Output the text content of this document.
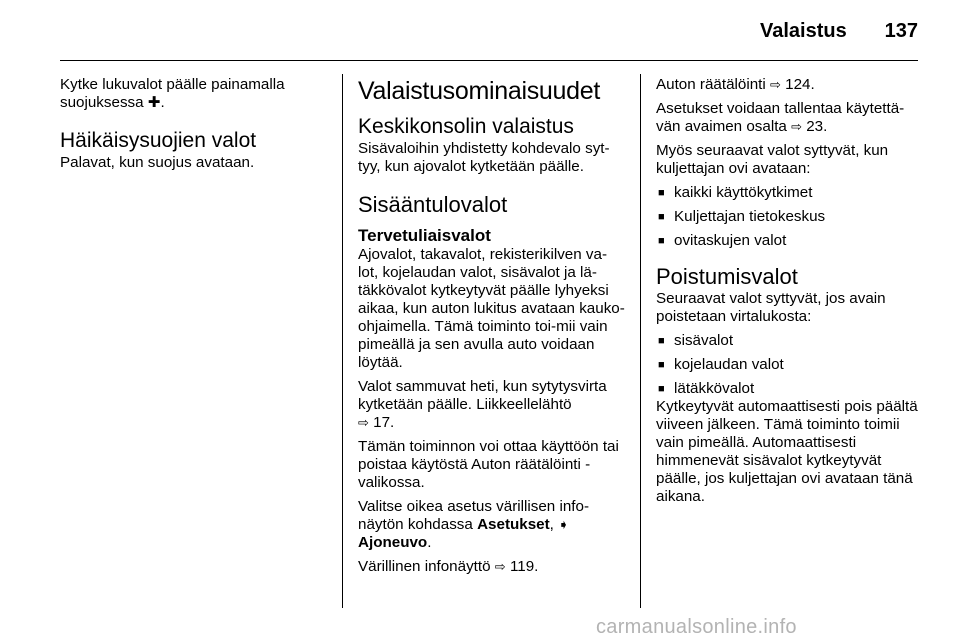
Valaistus	137

Kytke lukuvalot päälle painamalla suojuksessa ✚.

Häikäisysuojien valot

Palavat, kun suojus avataan.

Valaistusominaisuudet
Keskikonsolin valaistus

Sisävaloihin yhdistetty kohdevalo syt-tyy, kun ajovalot kytketään päälle.

Sisääntulovalot
Tervetuliaisvalot

Ajovalot, takavalot, rekisterikilven va-lot, kojelaudan valot, sisävalot ja lä-täkkövalot kytkeytyvät päälle lyhyeksi aikaa, kun auton lukitus avataan kauko-ohjaimella. Tämä toiminto toi-mii vain pimeällä ja sen avulla auto voidaan löytää.

Valot sammuvat heti, kun sytytysvirta kytketään päälle. Liikkeellelähtö
⇨ 17.

Tämän toiminnon voi ottaa käyttöön tai poistaa käytöstä Auton räätälöinti -valikossa.

Valitse oikea asetus värillisen info-näytön kohdassa Asetukset, ➧
Ajoneuvo.

Värillinen infonäyttö ⇨ 119.

Auton räätälöinti ⇨ 124.

Asetukset voidaan tallentaa käytettä-vän avaimen osalta ⇨ 23.

Myös seuraavat valot syttyvät, kun kuljettajan ovi avataan:

■ kaikki käyttökytkimet
■ Kuljettajan tietokeskus
■ ovitaskujen valot
Poistumisvalot

Seuraavat valot syttyvät, jos avain poistetaan virtalukosta:

■ sisävalot
■ kojelaudan valot
■ lätäkkövalot

Kytkeytyvät automaattisesti pois päältä viiveen jälkeen. Tämä toiminto toimii vain pimeällä. Automaattisesti himmenevät sisävalot kytkeytyvät päälle, jos kuljettajan ovi avataan tänä aikana.

carmanualsonline.info
